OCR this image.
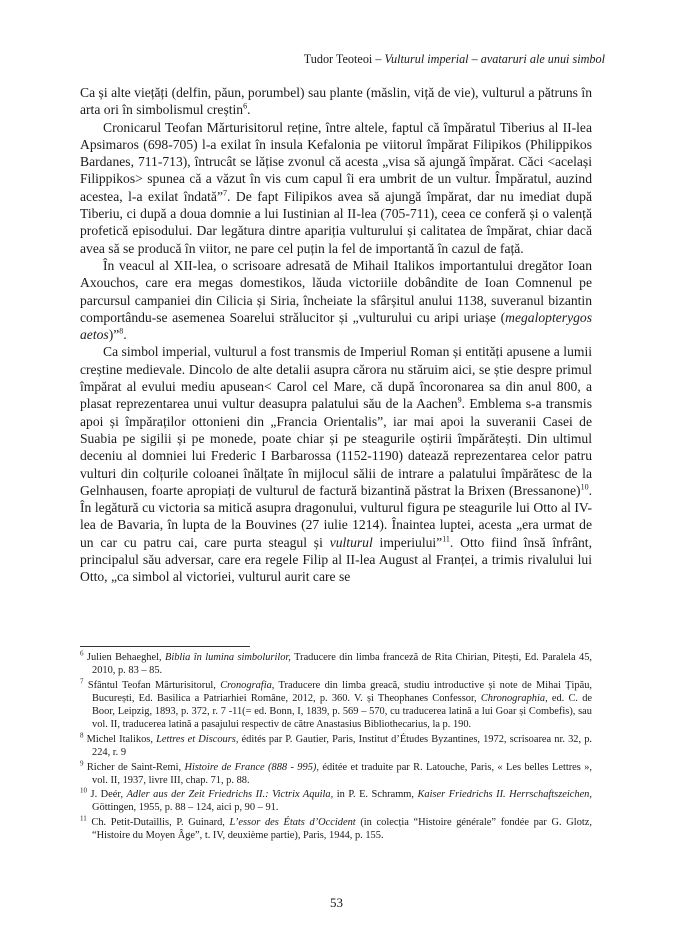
Tudor Teoteoi – Vulturul imperial – avataruri ale unui simbol

Ca și alte viețăți (delfin, păun, porumbel) sau plante (măslin, viță de vie), vulturul a pătruns în arta ori în simbolismul creștin$^6$.

Cronicarul Teofan Mărturisitorul reține, între altele, faptul că împăratul Tiberius al II-lea Apsimaros (698-705) l-a exilat în insula Kefalonia pe viitorul împărat Filipikos (Philippikos Bardanes, 711-713), întrucât se lățise zvonul că acesta „visa să ajungă împărat. Căci <același Filippikos> spunea că a văzut în vis cum capul îi era umbrit de un vultur. Împăratul, auzind acestea, l-a exilat îndată”$^7$. De fapt Filipikos avea să ajungă împărat, dar nu imediat după Tiberiu, ci după a doua domnie a lui Iustinian al II-lea (705-711), ceea ce conferă și o valență profetică episodului. Dar legătura dintre apariția vulturului și calitatea de împărat, chiar dacă avea să se producă în viitor, ne pare cel puțin la fel de importantă în cazul de față.

În veacul al XII-lea, o scrisoare adresată de Mihail Italikos importantului dregător Ioan Axouchos, care era megas domestikos, lăuda victoriile dobândite de Ioan Comnenul pe parcursul campaniei din Cilicia și Siria, încheiate la sfârșitul anului 1138, suveranul bizantin comportându-se asemenea Soarelui strălucitor și „vulturului cu aripi uriașe (megalopterygos aetos)”$^8$.

Ca simbol imperial, vulturul a fost transmis de Imperiul Roman și entități apusene a lumii creștine medievale. Dincolo de alte detalii asupra cărora nu stăruim aici, se știe despre primul împărat al evului mediu apusean< Carol cel Mare, că după încoronarea sa din anul 800, a plasat reprezentarea unui vultur deasupra palatului său de la Aachen$^9$. Emblema s-a transmis apoi și împăraților ottonieni din „Francia Orientalis”, iar mai apoi la suveranii Casei de Suabia pe sigilii și pe monede, poate chiar și pe steagurile oștirii împărătești. Din ultimul deceniu al domniei lui Frederic I Barbarossa (1152-1190) datează reprezentarea celor patru vulturi din colțurile coloanei înălțate în mijlocul sălii de intrare a palatului împărătesc de la Gelnhausen, foarte apropiați de vulturul de factură bizantină păstrat la Brixen (Bressanone)$^{10}$. În legătură cu victoria sa mitică asupra dragonului, vulturul figura pe steagurile lui Otto al IV-lea de Bavaria, în lupta de la Bouvines (27 iulie 1214). Înaintea luptei, acesta „era urmat de un car cu patru cai, care purta steagul și vulturul imperiului”$^{11}$. Otto fiind însă înfrânt, principalul său adversar, care era regele Filip al II-lea August al Franței, a trimis rivalului lui Otto, „ca simbol al victoriei, vulturul aurit care se

$^6$ Julien Behaeghel, Biblia în lumina simbolurilor, Traducere din limba franceză de Rita Chirian, Pitești, Ed. Paralela 45, 2010, p. 83 – 85.

$^7$ Sfântul Teofan Mărturisitorul, Cronografia, Traducere din limba greacă, studiu introductive și note de Mihai Țipău, București, Ed. Basilica a Patriarhiei Române, 2012, p. 360. V. și Theophanes Confessor, Chronographia, ed. C. de Boor, Leipzig, 1893, p. 372, r. 7 -11(= ed. Bonn, I, 1839, p. 569 – 570, cu traducerea latină a lui Goar și Combefis), sau vol. II, traducerea latină a pasajului respectiv de către Anastasius Bibliothecarius, la p. 190.

$^8$ Michel Italikos, Lettres et Discours, édités par P. Gautier, Paris, Institut d’Études Byzantines, 1972, scrisoarea nr. 32, p. 224, r. 9

$^9$ Richer de Saint-Remi, Histoire de France (888 - 995), éditée et traduite par R. Latouche, Paris, « Les belles Lettres », vol. II, 1937, livre III, chap. 71, p. 88.

$^{10}$ J. Deér, Adler aus der Zeit Friedrichs II.: Victrix Aquila, in P. E. Schramm, Kaiser Friedrichs II. Herrschaftszeichen, Göttingen, 1955, p. 88 – 124, aici p, 90 – 91.

$^{11}$ Ch. Petit-Dutaillis, P. Guinard, L’essor des États d’Occident (in colecția “Histoire générale” fondée par G. Glotz, “Histoire du Moyen Âge”, t. IV, deuxième partie), Paris, 1944, p. 155.

53
